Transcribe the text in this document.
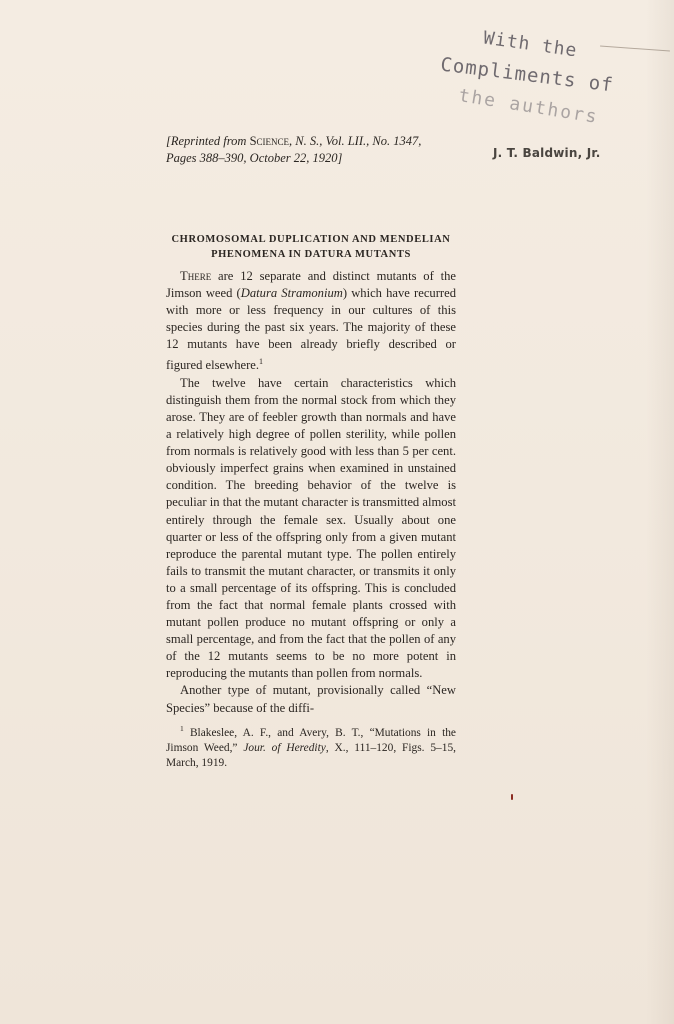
With the
Compliments of
the authors
[Reprinted from Science, N. S., Vol. LII., No. 1347,
Pages 388–390, October 22, 1920]	J. T. Baldwin, Jr.
CHROMOSOMAL DUPLICATION AND MENDELIAN PHENOMENA IN DATURA MUTANTS

There are 12 separate and distinct mutants of the Jimson weed (Datura Stramonium) which have recurred with more or less frequency in our cultures of this species during the past six years. The majority of these 12 mutants have been already briefly described or figured elsewhere.$^1$

The twelve have certain characteristics which distinguish them from the normal stock from which they arose. They are of feebler growth than normals and have a relatively high degree of pollen sterility, while pollen from normals is relatively good with less than 5 per cent. obviously imperfect grains when examined in unstained condition. The breeding behavior of the twelve is peculiar in that the mutant character is transmitted almost entirely through the female sex. Usually about one quarter or less of the offspring only from a given mutant reproduce the parental mutant type. The pollen entirely fails to transmit the mutant character, or transmits it only to a small percentage of its offspring. This is concluded from the fact that normal female plants crossed with mutant pollen produce no mutant offspring or only a small percentage, and from the fact that the pollen of any of the 12 mutants seems to be no more potent in reproducing the mutants than pollen from normals.

Another type of mutant, provisionally called “New Species” because of the diffi-

$^1$ Blakeslee, A. F., and Avery, B. T., “Mutations in the Jimson Weed,” Jour. of Heredity, X., 111–120, Figs. 5–15, March, 1919.
